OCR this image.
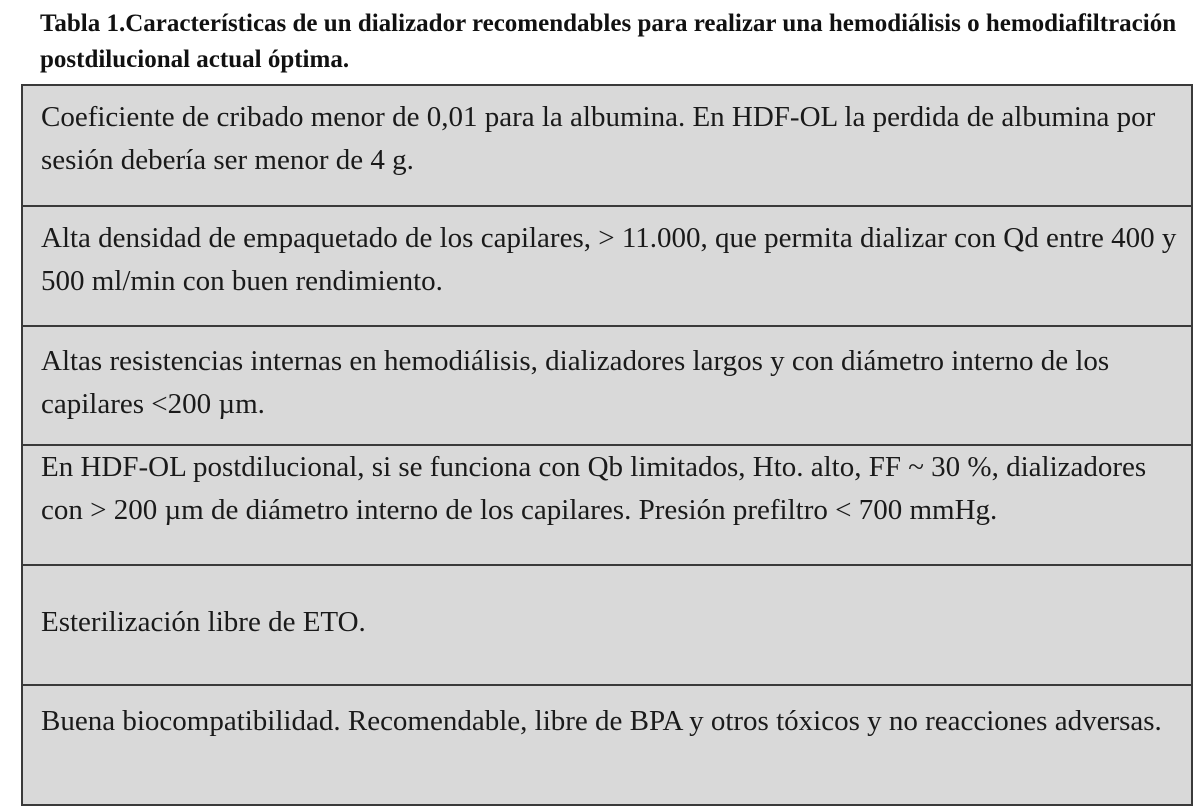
Tabla 1.Características de un dializador recomendables para realizar una hemodiálisis o hemodiafiltración postdilucional actual óptima.

Coeficiente de cribado menor de 0,01 para la albumina. En HDF-OL la perdida de albumina por sesión debería ser menor de 4 g.
Alta densidad de empaquetado de los capilares, > 11.000, que permita dializar con Qd entre 400 y 500 ml/min con buen rendimiento.
Altas resistencias internas en hemodiálisis, dializadores largos y con diámetro interno de los capilares <200 µm.
En HDF-OL postdilucional, si se funciona con Qb limitados, Hto. alto, FF ~ 30 %, dializadores con > 200 µm de diámetro interno de los capilares. Presión prefiltro < 700 mmHg.
Esterilización libre de ETO.
Buena biocompatibilidad. Recomendable, libre de BPA y otros tóxicos y no reacciones adversas.
